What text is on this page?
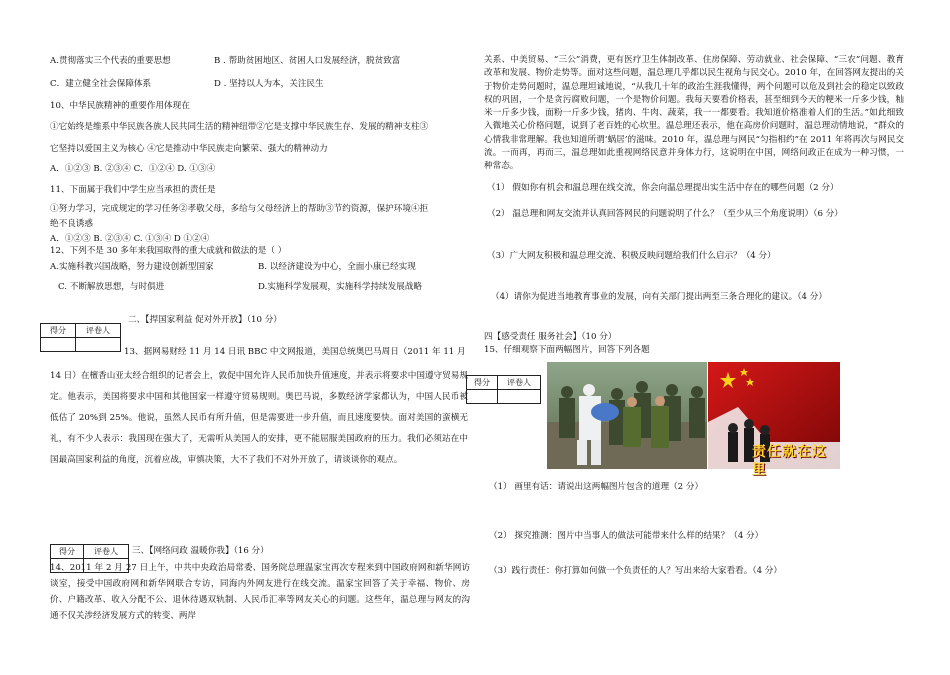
A.贯彻落实三个代表的重要思想	B . 帮助贫困地区、贫困人口发展经济，脱贫致富
C．建立健全社会保障体系	D . 坚持以人为本，关注民生
10、中华民族精神的重要作用体现在
①它始终是维系中华民族各族人民共同生活的精神纽带②它是支撑中华民族生存、发展的精神支柱③
它坚持以爱国主义为核心 ④它是推动中华民族走向繁荣、强大的精神动力
A．①②③ B. ②③④ C．①②④ D. ①③④
11、下面属于我们中学生应当承担的责任是
①努力学习，完成规定的学习任务②孝敬父母，多给与父母经济上的帮助③节约资源，保护环境④拒
绝不良诱惑
A．①②③ B. ②③④ C. ①③④ D ①②④
12、下列不是 30 多年来我国取得的重大成就和做法的是（ ）
A.实施科教兴国战略，努力建设创新型国家	B. 以经济建设为中心，全面小康已经实现
C. 不断解放思想，与时俱进	D.实施科学发展观，实施科学持续发展战略
得分	评卷人

二、【捍国家利益 促对外开放】（10 分）
13、据网易财经 11 月 14 日讯 BBC 中文网报道，美国总统奥巴马周日（2011 年 11 月
14 日）在檀香山亚太经合组织的记者会上，敦促中国允许人民币加快升值速度，并表示将要求中国遵守贸易规定。他表示，美国将要求中国和其他国家一样遵守贸易规则。奥巴马说，多数经济学家都认为，中国人民币被低估了 20%到 25%。他说，虽然人民币有所升值，但是需要进一步升值，而且速度要快。面对美国的蛮横无礼，有不少人表示：我国现在强大了，无需听从美国人的安排，更不能屈服美国政府的压力。我们必须站在中国最高国家利益的角度，沉着应战，审慎决策，大不了我们不对外开放了，请谈谈你的观点。
得分	评卷人
	三、【网络问政 温暖你我】（16 分）
14、2011 年 2 月 27 日上午，中共中央政治局常委、国务院总理温家宝再次专程来到中国政府网和新华网访谈室，接受中国政府网和新华网联合专访，同海内外网友进行在线交流。温家宝回答了关于幸福、物价、房价、户籍改革、收入分配不公、退休待遇双轨制、人民币汇率等网友关心的问题。这些年，温总理与网友的沟通不仅关涉经济发展方式的转变、两岸
关系、中美贸易、“三公”消费，更有医疗卫生体制改革、住房保障、劳动就业、社会保障、“三农”问题、教育改革和发展、物价走势等。面对这些问题，温总理几乎都以民生视角与民交心。2010 年，在回答网友提出的关于物价走势问题时，温总理坦诚地说，“从我几十年的政治生涯我懂得，两个问题可以危及到社会的稳定以致政权的巩固，一个是贪污腐败问题，一个是物价问题。我每天要看价格表，甚至细到今天的粳米一斤多少钱，籼米一斤多少钱，面粉一斤多少钱，猪肉、牛肉、蔬菜，我一一都要看。我知道价格准着人们的生活。”如此细致入微地关心价格问题，说到了老百姓的心坎里。温总理还表示，他在高房价问题时，温总理动情地说，“群众的心情我非常理解。我也知道所谓‘蜗居’的滋味。2010 年，温总理与网民“匀指相约”在 2011 年将再次与网民交流。一而再，再而三，温总理如此重视网络民意并身体力行，这说明在中国，网络问政正在成为一种习惯，一种常态。
（1） 假如你有机会和温总理在线交流，你会向温总理提出实生活中存在的哪些问题（2 分）
（2） 温总理和网友交流并认真回答网民的问题说明了什么？（至少从三个角度说明）（6 分）
（3）广大网友积极和温总理交流、积极反映问题给我们什么启示？（4 分）
（4）请你为促进当地教育事业的发展，向有关部门提出两至三条合理化的建议。（4 分）
四【感受责任 服务社会】（10 分）
15、仔细观察下面两幅图片，回答下列各题
得分	评卷人

责任就在这里
（1） 画里有话：请说出这两幅图片包含的道理（2 分）
（2） 探究推测：图片中当事人的做法可能带来什么样的结果？（4 分）
（3）践行责任：你打算如何做一个负责任的人？写出来给大家看看。（4 分）
